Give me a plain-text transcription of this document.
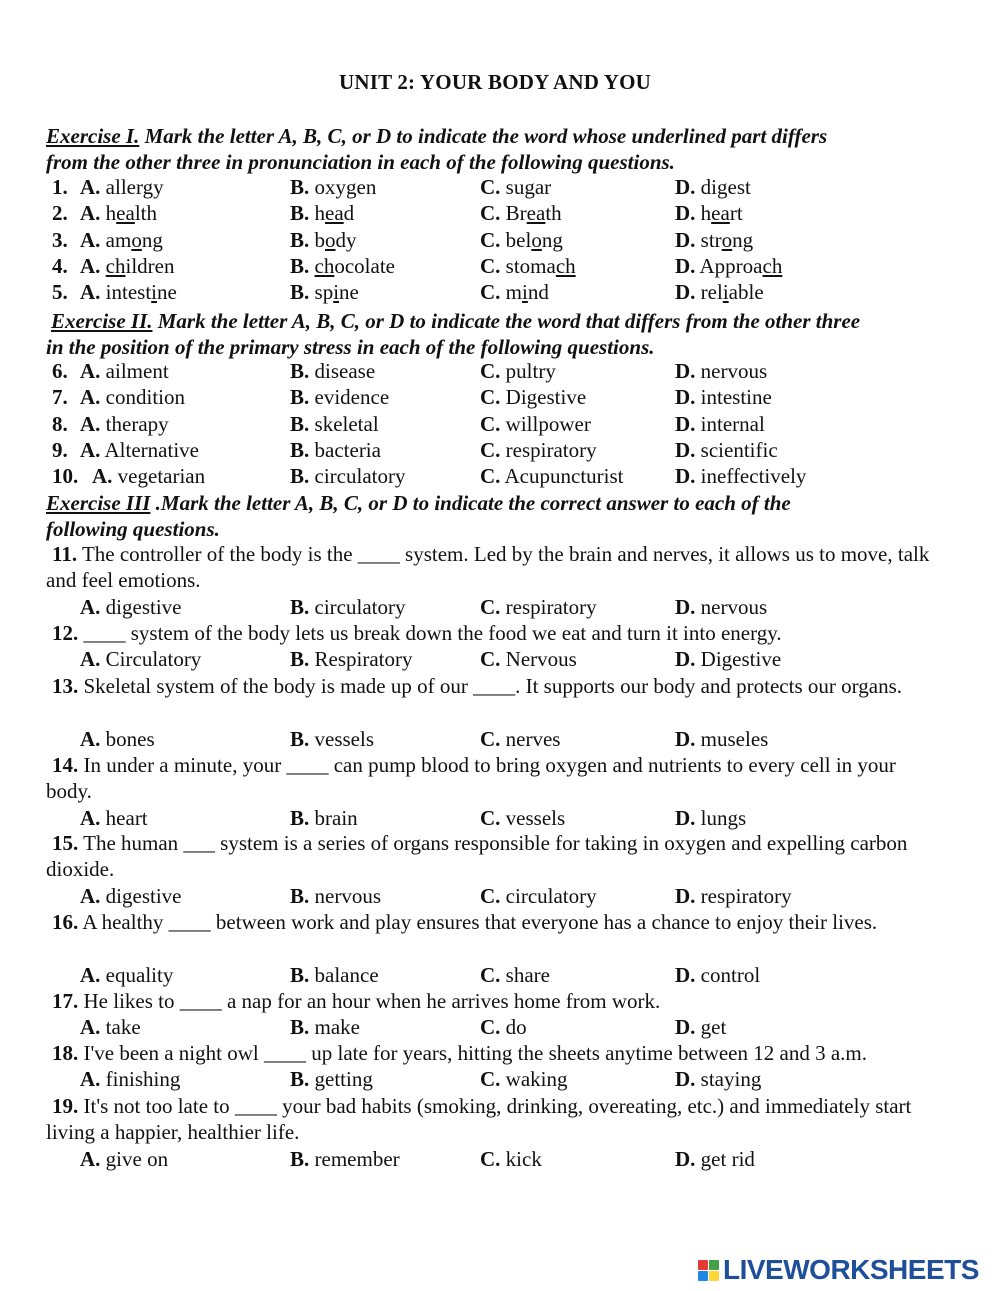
UNIT 2: YOUR BODY AND YOU
Exercise I. Mark the letter A, B, C, or D to indicate the word whose underlined part differs
from the other three in pronunciation in each of the following questions.
1. A. allergy	B. oxygen	C. sugar	D. digest
2. A. health	B. head	C. Breath	D. heart
3. A. among	B. body	C. belong	D. strong
4. A. children	B. chocolate	C. stomach	D. Approach
5. A. intestine	B. spine	C. mind	D. reliable
Exercise II. Mark the letter A, B, C, or D to indicate the word that differs from the other three
in the position of the primary stress in each of the following questions.
6. A. ailment	B. disease	C. pultry	D. nervous
7. A. condition	B. evidence	C. Digestive	D. intestine
8. A. therapy	B. skeletal	C. willpower	D. internal
9. A. Alternative	B. bacteria	C. respiratory	D. scientific
10. A. vegetarian	B. circulatory	C. Acupuncturist D. ineffectively
Exercise III .Mark the letter A, B, C, or D to indicate the correct answer to each of the
following questions.
11. The controller of the body is the ____ system. Led by the brain and nerves, it allows us to move, talk and feel emotions.
A. digestive	B. circulatory	C. respiratory	D. nervous
12. ____ system of the body lets us break down the food we eat and turn it into energy.
A. Circulatory	B. Respiratory	C. Nervous	D. Digestive
13. Skeletal system of the body is made up of our ____. It supports our body and protects our organs.
A. bones	B. vessels	C. nerves	D. museles
14. In under a minute, your ____ can pump blood to bring oxygen and nutrients to every cell in your body.
A. heart	B. brain	C. vessels	D. lungs
15. The human ___ system is a series of organs responsible for taking in oxygen and expelling carbon dioxide.
A. digestive	B. nervous	C. circulatory	D. respiratory
16. A healthy ____ between work and play ensures that everyone has a chance to enjoy their lives.
A. equality	B. balance	C. share	D. control
17. He likes to ____ a nap for an hour when he arrives home from work.
A. take	B. make	C. do	D. get
18. I've been a night owl ____ up late for years, hitting the sheets anytime between 12 and 3 a.m.
A. finishing	B. getting	C. waking	D. staying
19. It's not too late to ____ your bad habits (smoking, drinking, overeating, etc.) and immediately start living a happier, healthier life.
A. give on	B. remember	C. kick	D. get rid
LIVEWORKSHEETS
